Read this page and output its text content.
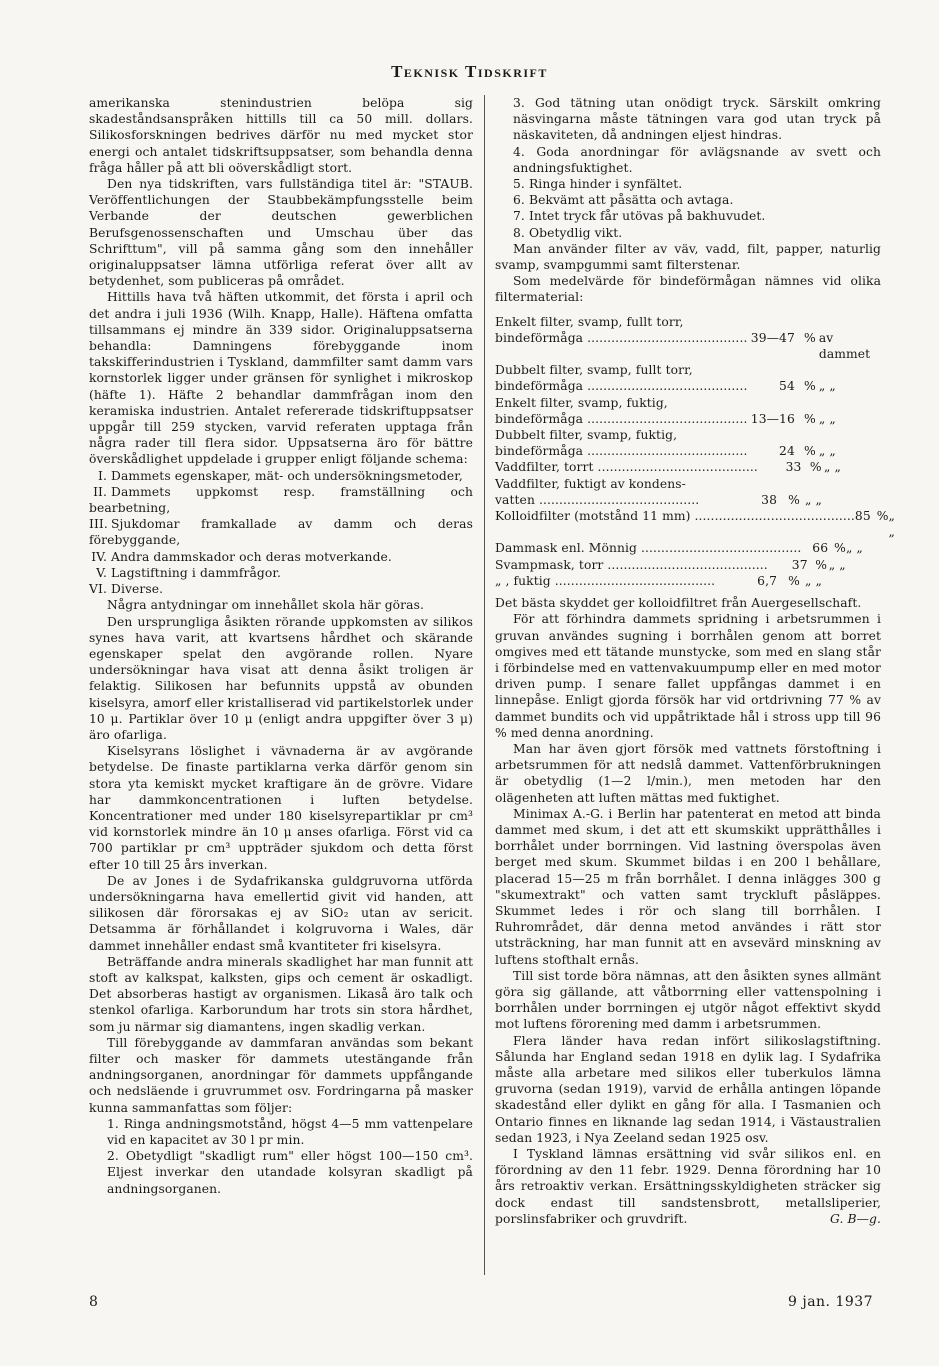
Teknisk Tidskrift

amerikanska stenindustrien belöpa sig skadeståndsanspråken hittills till ca 50 mill. dollars. Silikosforskningen bedrives därför nu med mycket stor energi och antalet tidskriftsuppsatser, som behandla denna fråga håller på att bli oöverskådligt stort.

Den nya tidskriften, vars fullständiga titel är: "STAUB. Veröffentlichungen der Staubbekämpfungsstelle beim Verbande der deutschen gewerblichen Berufsgenossenschaften und Umschau über das Schrifttum", vill på samma gång som den innehåller originaluppsatser lämna utförliga referat över allt av betydenhet, som publiceras på området.

Hittills hava två häften utkommit, det första i april och det andra i juli 1936 (Wilh. Knapp, Halle). Häftena omfatta tillsammans ej mindre än 339 sidor. Originaluppsatserna behandla: Damningens förebyggande inom takskifferindustrien i Tyskland, dammfilter samt damm vars kornstorlek ligger under gränsen för synlighet i mikroskop (häfte 1). Häfte 2 behandlar dammfrågan inom den keramiska industrien. Antalet refererade tidskriftuppsatser uppgår till 259 stycken, varvid referaten upptaga från några rader till flera sidor. Uppsatserna äro för bättre överskådlighet uppdelade i grupper enligt följande schema:

I. Dammets egenskaper, mät- och undersökningsmetoder,

II. Dammets uppkomst resp. framställning och bearbetning,

III. Sjukdomar framkallade av damm och deras förebyggande,

IV. Andra dammskador och deras motverkande.

V. Lagstiftning i dammfrågor.

VI. Diverse.

Några antydningar om innehållet skola här göras.

Den ursprungliga åsikten rörande uppkomsten av silikos synes hava varit, att kvartsens hårdhet och skärande egenskaper spelat den avgörande rollen. Nyare undersökningar hava visat att denna åsikt troligen är felaktig. Silikosen har befunnits uppstå av obunden kiselsyra, amorf eller kristalliserad vid partikelstorlek under 10 μ. Partiklar över 10 μ (enligt andra uppgifter över 3 μ) äro ofarliga.

Kiselsyrans löslighet i vävnaderna är av avgörande betydelse. De finaste partiklarna verka därför genom sin stora yta kemiskt mycket kraftigare än de grövre. Vidare har dammkoncentrationen i luften betydelse. Koncentrationer med under 180 kiselsyrepartiklar pr cm³ vid kornstorlek mindre än 10 μ anses ofarliga. Först vid ca 700 partiklar pr cm³ uppträder sjukdom och detta först efter 10 till 25 års inverkan.

De av Jones i de Sydafrikanska guldgruvorna utförda undersökningarna hava emellertid givit vid handen, att silikosen där förorsakas ej av SiO₂ utan av sericit. Detsamma är förhållandet i kolgruvorna i Wales, där dammet innehåller endast små kvantiteter fri kiselsyra.

Beträffande andra minerals skadlighet har man funnit att stoft av kalkspat, kalksten, gips och cement är oskadligt. Det absorberas hastigt av organismen. Likaså äro talk och stenkol ofarliga. Karborundum har trots sin stora hårdhet, som ju närmar sig diamantens, ingen skadlig verkan.

Till förebyggande av dammfaran användas som bekant filter och masker för dammets utestängande från andningsorganen, anordningar för dammets uppfångande och nedsläende i gruvrummet osv. Fordringarna på masker kunna sammanfattas som följer:

1. Ringa andningsmotstånd, högst 4—5 mm vattenpelare vid en kapacitet av 30 l pr min.

2. Obetydligt "skadligt rum" eller högst 100—150 cm³. Eljest inverkar den utandade kolsyran skadligt på andningsorganen.

3. God tätning utan onödigt tryck. Särskilt omkring näsvingarna måste tätningen vara god utan tryck på näskaviteten, då andningen eljest hindras.

4. Goda anordningar för avlägsnande av svett och andningsfuktighet.

5. Ringa hinder i synfältet.

6. Bekvämt att påsätta och avtaga.

7. Intet tryck får utövas på bakhuvudet.

8. Obetydlig vikt.

Man använder filter av väv, vadd, filt, papper, naturlig svamp, svampgummi samt filterstenar.

Som medelvärde för bindeförmågan nämnes vid olika filtermaterial:

Enkelt filter, svamp, fullt torr,
bindeförmåga ........................................ 39—47 % av dammet
Dubbelt filter, svamp, fullt torr,
bindeförmåga ........................................	54 % „ „
Enkelt filter, svamp, fuktig,
bindeförmåga ........................................ 13—16 % „ „
Dubbelt filter, svamp, fuktig,
bindeförmåga ........................................	24 % „ „
Vaddfilter, torrt ........................................	33 % „ „
Vaddfilter, fuktigt av kondens-
vatten ........................................	38 % „ „
Kolloidfilter (motstånd 11 mm) ........................................ 85 % „ „
Dammask enl. Mönnig ........................................ 66 % „ „
Svampmask, torr ........................................	37 % „ „
„ , fuktig ........................................	6,7 % „ „

Det bästa skyddet ger kolloidfiltret från Auergesellschaft.

För att förhindra dammets spridning i arbetsrummen i gruvan användes sugning i borrhålen genom att borret omgives med ett tätande munstycke, som med en slang står i förbindelse med en vattenvakuumpump eller en med motor driven pump. I senare fallet uppfångas dammet i en linnepåse. Enligt gjorda försök har vid ortdrivning 77 % av dammet bundits och vid uppåtriktade hål i stross upp till 96 % med denna anordning.

Man har även gjort försök med vattnets förstoftning i arbetsrummen för att nedslå dammet. Vattenförbrukningen är obetydlig (1—2 l/min.), men metoden har den olägenheten att luften mättas med fuktighet.

Minimax A.-G. i Berlin har patenterat en metod att binda dammet med skum, i det att ett skumskikt upprätthålles i borrhålet under borrningen. Vid lastning överspolas även berget med skum. Skummet bildas i en 200 l behållare, placerad 15—25 m från borrhålet. I denna inlägges 300 g "skumextrakt" och vatten samt tryckluft påsläppes. Skummet ledes i rör och slang till borrhålen. I Ruhrområdet, där denna metod användes i rätt stor utsträckning, har man funnit att en avsevärd minskning av luftens stofthalt ernås.

Till sist torde böra nämnas, att den åsikten synes allmänt göra sig gällande, att våtborrning eller vattenspolning i borrhålen under borrningen ej utgör något effektivt skydd mot luftens förorening med damm i arbetsrummen.

Flera länder hava redan infört silikoslagstiftning. Sålunda har England sedan 1918 en dylik lag. I Sydafrika måste alla arbetare med silikos eller tuberkulos lämna gruvorna (sedan 1919), varvid de erhålla antingen löpande skadestånd eller dylikt en gång för alla. I Tasmanien och Ontario finnes en liknande lag sedan 1914, i Västaustralien sedan 1923, i Nya Zeeland sedan 1925 osv.

I Tyskland lämnas ersättning vid svår silikos enl. en förordning av den 11 febr. 1929. Denna förordning har 10 års retroaktiv verkan. Ersättningsskyldigheten sträcker sig dock endast till sandstensbrott, metallsliperier, porslinsfabriker och gruvdrift.	G. B—g.

8	9 jan. 1937
